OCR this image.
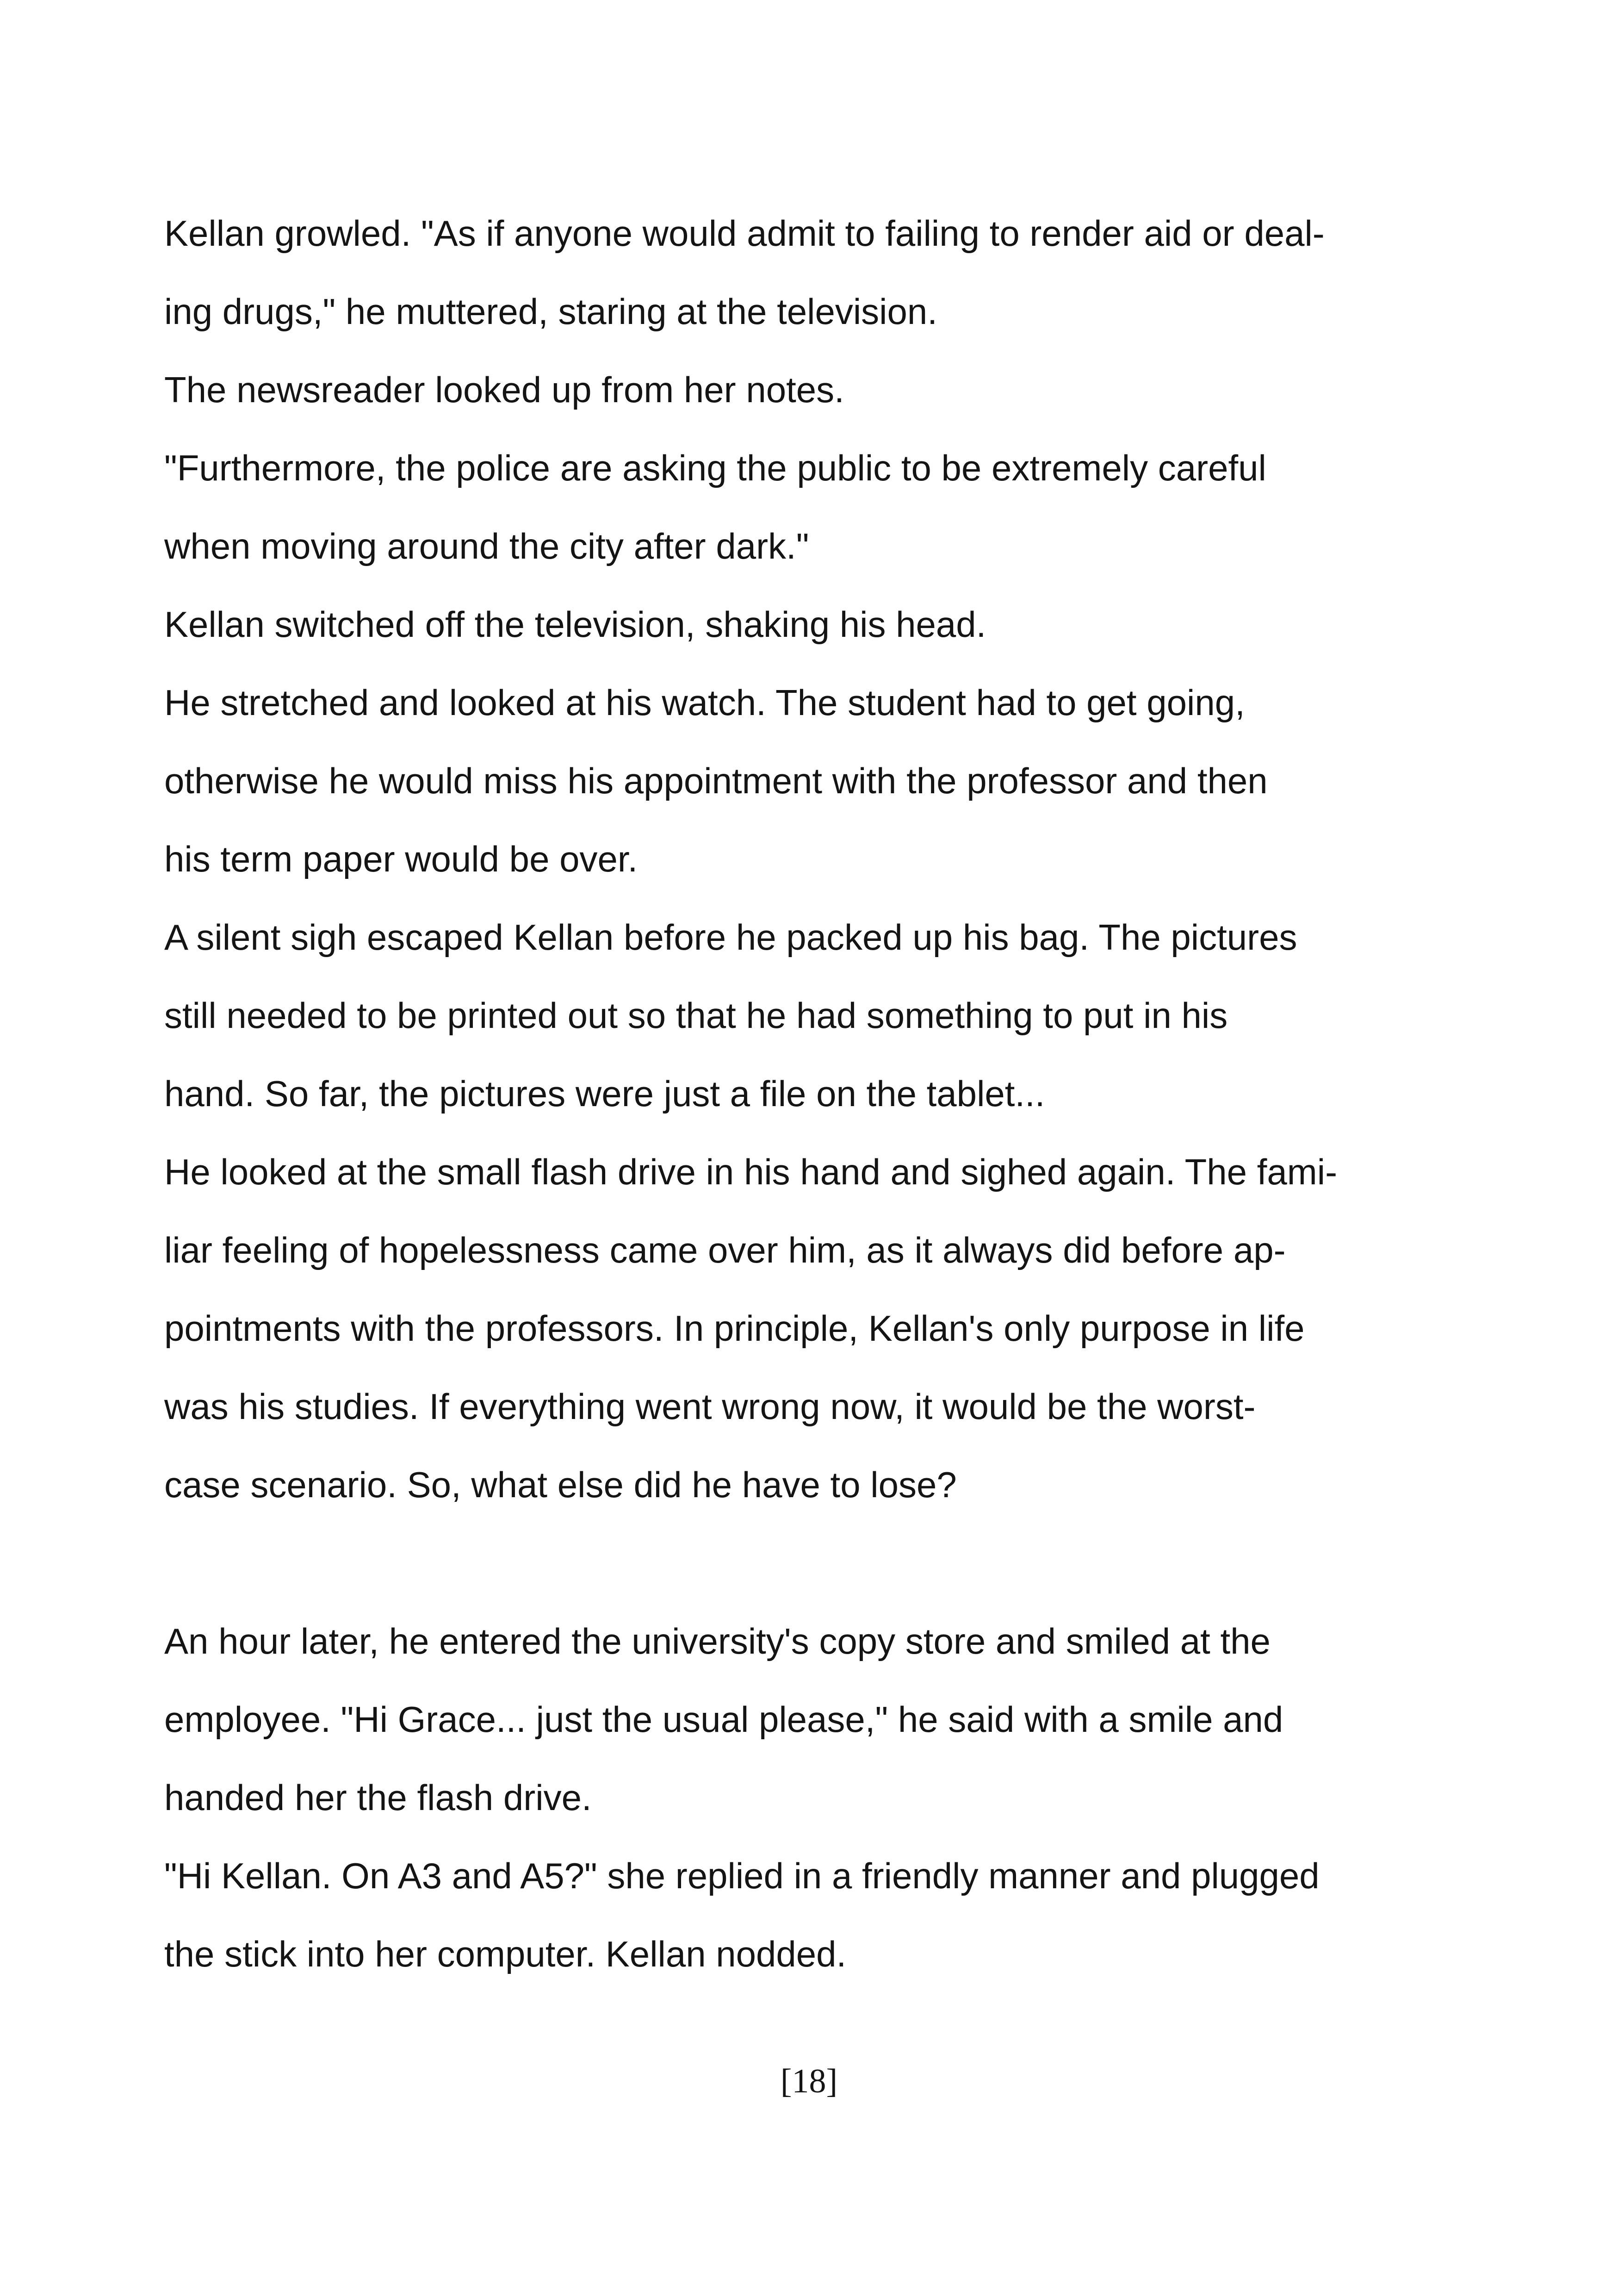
Kellan growled. "As if anyone would admit to failing to render aid or deal-
ing drugs," he muttered, staring at the television.
The newsreader looked up from her notes.
"Furthermore, the police are asking the public to be extremely careful
when moving around the city after dark."
Kellan switched off the television, shaking his head.
He stretched and looked at his watch. The student had to get going,
otherwise he would miss his appointment with the professor and then
his term paper would be over.
A silent sigh escaped Kellan before he packed up his bag. The pictures
still needed to be printed out so that he had something to put in his
hand. So far, the pictures were just a file on the tablet...
He looked at the small flash drive in his hand and sighed again. The fami-
liar feeling of hopelessness came over him, as it always did before ap-
pointments with the professors. In principle, Kellan's only purpose in life
was his studies. If everything went wrong now, it would be the worst-
case scenario. So, what else did he have to lose?
An hour later, he entered the university's copy store and smiled at the
employee. "Hi Grace... just the usual please," he said with a smile and
handed her the flash drive.
"Hi Kellan. On A3 and A5?" she replied in a friendly manner and plugged
the stick into her computer. Kellan nodded.
[18]
